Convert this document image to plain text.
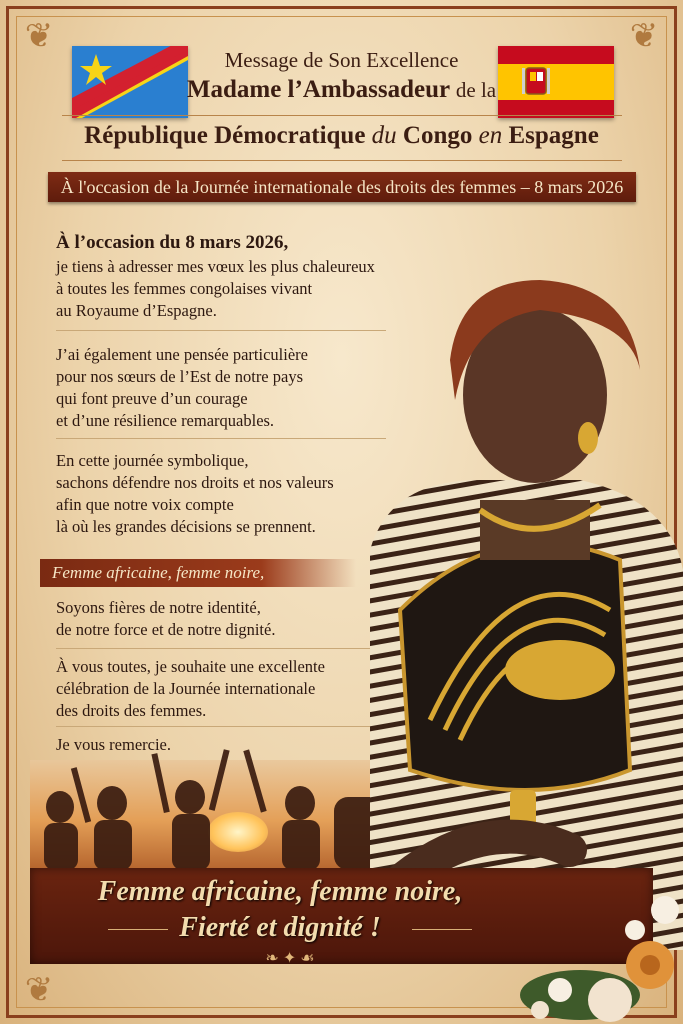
❦	❦
❦
Message de Son Excellence
Madame l’Ambassadeur de la
République Démocratique du Congo en Espagne
À l'occasion de la Journée internationale des droits des femmes – 8 mars 2026
À l’occasion du 8 mars 2026,
je tiens à adresser mes vœux les plus chaleureux
à toutes les femmes congolaises vivant
au Royaume d’Espagne.
J’ai également une pensée particulière
pour nos sœurs de l’Est de notre pays
qui font preuve d’un courage
et d’une résilience remarquables.
En cette journée symbolique,
sachons défendre nos droits et nos valeurs
afin que notre voix compte
là où les grandes décisions se prennent.
Femme africaine, femme noire,
Soyons fières de notre identité,
de notre force et de notre dignité.
À vous toutes, je souhaite une excellente
célébration de la Journée internationale
des droits des femmes.
Je vous remercie.
Femme africaine, femme noire,
Fierté et dignité !
❧ ✦ ☙
